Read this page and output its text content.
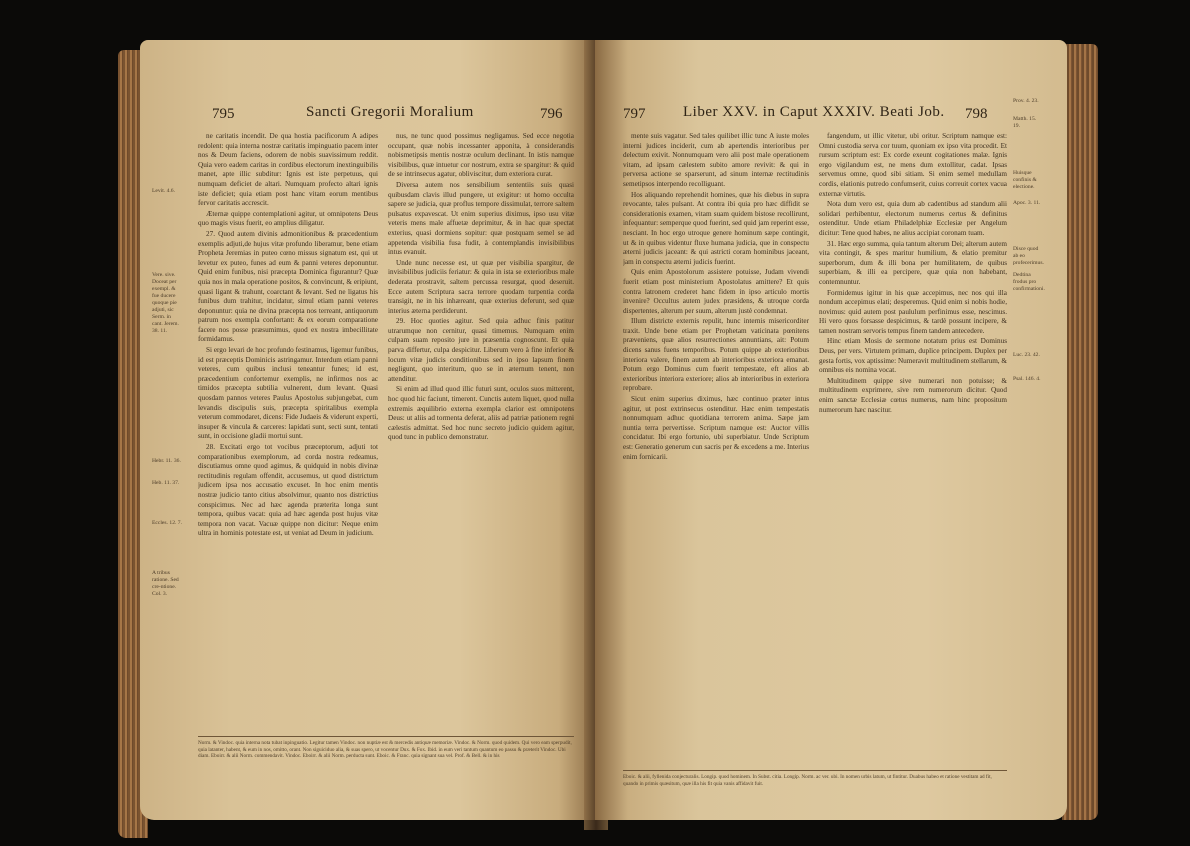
795	Sancti Gregorii Moralium	796
Levit. 4.6.
Vere. sive. Doceat per exempl. & fue ducere quoque pie adjuti, sic Serm. in cant. Jerem. 38. 11.
Hebr. 11. 36.
Heb. 11. 37.
Eccles. 12. 7.
A tribus ratione. Sed cre-ntione. Col. 3.

ne caritatis incendit. De qua hostia pacificorum A adipes redolent: quia interna nostræ caritatis impinguatio pacem inter nos & Deum faciens, odorem de nobis suavissimum reddit. Quia vero eadem caritas in cordibus electorum inextinguibilis manet, apte illic subditur: Ignis est iste perpetuus, qui numquam deficiet de altari. Numquam profecto altari ignis iste deficiet; quia etiam post hanc vitam eorum mentibus fervor caritatis accrescit.

Æternæ quippe contemplationi agitur, ut omnipotens Deus quo magis visus fuerit, eo amplius diligatur.

27. Quod autem divinis admonitionibus & præcedentium exemplis adjuti,de hujus vitæ profundo liberamur, bene etiam Propheta Jeremias in puteo cœno missus signatum est, qui ut levetur ex puteo, funes ad eum & panni veteres deponuntur. Quid enim funibus, nisi præcepta Dominica figurantur? Quæ quia nos in mala operatione positos, & convincunt, & eripiunt, quasi ligant & trahunt, coarctant & levant. Sed ne ligatus his funibus dum trahitur, incidatur, simul etiam panni veteres deponuntur: quia ne divina præcepta nos terreant, antiquorum patrum nos exempla confortant: & ex eorum comparatione facere nos posse præsumimus, quod ex nostra imbecillitate formidamus.

Si ergo levari de hoc profundo festinamus, ligemur funibus, id est præceptis Dominicis astringamur. Interdum etiam panni veteres, cum quibus inclusi teneantur funes; id est, præcedentium confortemur exemplis, ne infirmos nos ac timidos præcepta subtilia vulnerent, dum levant. Quasi quosdam pannos veteres Paulus Apostolus subjungebat, cum levandis discipulis suis, præcepta spiritalibus exempla veterum commodaret, dicens: Fide Judaeis & viderunt experti, insuper & vincula & carceres: lapidati sunt, secti sunt, tentati sunt, in occisione gladii mortui sunt.

28. Excitati ergo tot vocibus præceptorum, adjuti tot comparationibus exemplorum, ad corda nostra redeamus, discutiamus omne quod agimus, & quidquid in nobis divinæ rectitudinis regulam offendit, accusemus, ut quod districtum judicem ipsa nos accusatio excuset. In hoc enim mentis nostræ judicio tanto citius absolvimur, quanto nos districtius conspicimus. Nec ad hæc agenda præterita longa sunt tempora, quibus vacat: quia ad hæc agenda post hujus vitæ tempora non vacat. Vacuæ quippe non dicitur: Neque enim ultra in hominis potestate est, ut veniat ad Deum in judicium.

nus, ne tunc quod possimus negligamus. Sed ecce negotia occupant, quæ nobis incessanter apponita, à considerandis nobismetipsis mentis nostræ oculum declinant. In istis namque visibilibus, quæ intuetur cor nostrum, extra se spargitur: & quid de se intrinsecus agatur, obliviscitur, dum exteriora curat.

Diversa autem nos sensibilium sententiis suis quasi quibusdam clavis illud pungere, ut exigitur: ut homo occulta sapere se judicia, quæ proflus tempore dissimulat, terrore saltem pulsatus expavescat. Ut enim superius diximus, ipso usu vitæ veteris mens male affuetæ deprimitur, & in hac quæ spectat exterius, quasi dormiens sopitur: quæ postquam semel se ad appetenda visibilia fusa fudit, à contemplandis invisibilibus intus evanuit.

Unde nunc necesse est, ut quæ per visibilia spargitur, de invisibilibus judiciis feriatur: & quia in ista se exterioribus male dederata prostravit, saltem percussa resurgat, quod deseruit. Ecce autem Scriptura sacra terrore quodam turpentia corda transigit, ne in his inhæreant, quæ exterius deferunt, sed quæ interius æterna perdiderunt.

29. Hoc quoties agitur. Sed quia adhuc finis patitur utrarumque non cernitur, quasi timemus. Numquam enim culpam suam reposito jure in præsentia cognoscunt. Et quia parva differtur, culpa despicitur. Liberum vero à fine inferior & locum vitæ judicis conditionibus sed in ipso lapsum finem negligunt, quo interitum, quo se in æternum tenent, non attenditur.

Si enim ad illud quod illic futuri sunt, oculos suos mitterent, hoc quod hic faciunt, timerent. Cunctis autem liquet, quod nulla extremis æquilibrio externa exempla clarior est omnipotens Deus: ut aliis ad tormenta deferat, aliis ad patriæ pationem regni cælestis admittat. Sed hoc nunc secreto judicio quidem agitur, quod tunc in publico demonstratur.

Norm. & Vindoc. quia interna nota tubat inpinguatio. Legitur tamen Vindoc. non nuptiæ est & mercedis antiquæ memoriæ. Vindoc. & Norm. quod quidem. Qui vero eam sperpudit, quia latanter, habent, & eum in nos, omitto, orant. Non siguiciduo alia, & suas spero, ut vocentur Dux. & Fox. Ibid. in eum veri tantum quantum eo passu & præterit Vindoc. Ubi diam. Eboirr. & alii Norm. commendavit. Vindoc. Eboirr. & alii Norm. perducta sunt. Eboic. & Franc. quia signant sua vel. Prof. & Bell. & in his
797	Liber XXV. in Caput XXXIV. Beati Job. 798
Prov. 4. 23.
Matth. 15. 19.
Huisque confinis & electione.
Apoc. 3. 11.
Disce quod ab eo profecerimus.
Dedtina frodus pro confirmationi.
Luc. 23. 42.
Psal. 146. 4.

mente suis vagatur. Sed tales quilibet illic tunc A iuste moles interni judices inciderit, cum ab apertendis interioribus per delectum exivit. Nonnumquam vero alii post male operationem vitam, ad ipsam cælestem subito amore revivit: & qui in perversa actione se sparserunt, ad sinum internæ rectitudinis semetipsos interpendo recolliguant.

Hos aliquando reprehendit homines, quæ his diebus in supra revocante, tales pulsant. At contra ibi quia pro hæc diffidit se considerationis examen, vitam suam quidem bistose recollirunt, infequantur: semperque quod fuerint, sed quid jam reperint esse, nesciant. In hoc ergo utroque genere hominum sæpe contingit, ut & in quibus videntur fluxe humana judicia, que in conspectu æterni judicis jaceant: & qui astricti coram hominibus jaceant, jam in conspectu æterni judicis fuerint.

Quis enim Apostolorum assistere potuisse, Judam vivendi fuerit etiam post ministerium Apostolatus amittere? Et quis contra latronem crederet hanc fidem in ipso articulo mortis invenire? Occultus autem judex præsidens, & utroque corda dispertentes, alterum per suum, alterum justè condemnat.

Illum districte externis repulit, hunc internis misericorditer traxit. Unde bene etiam per Prophetam vaticinata pœnitens præveniens, quæ alios resurrectiones annuntians, ait: Potum dicens sanus fuens temporibus. Potum quippe ab exterioribus interiora valere, finem autem ab interioribus exteriora emanat. Potum ergo Dominus cum fuerit tempestate, eft alios ab exterioribus interiora exteriore; alios ab interioribus in exteriora reprobare.

Sicut enim superius diximus, hæc continuo præter intus agitur, ut post extrinsecus ostenditur. Hæc enim tempestatis nonnumquam adhuc quotidiana terrorem anima. Sæpe jam nuntia terra pervertisse. Scriptum namque est: Auctor villis concidatur. Ibi ergo fortunio, ubi superbiatur. Unde Scriptum est: Generatio generum cun sacris per & excedens a me. Interius enim fornicarii.

fangendum, ut illic vitetur, ubi oritur. Scriptum namque est: Omni custodia serva cor tuum, quoniam ex ipso vita procedit. Et rursum scriptum est: Ex corde exeunt cogitationes malæ. Ignis ergo vigilandum est, ne mens dum extollitur, cadat. Ipsas servemus omne, quod sibi sitiam. Si enim semel medullam cordis, elationis putredo confumserit, cuius correuit cortex vacua externæ virtutis.

Nota dum vero est, quia dum ab cadentibus ad standum alii solidari perhibentur, electorum numerus certus & definitus ostenditur. Unde etiam Philadelphiæ Ecclesiæ per Angelum dicitur: Tene quod habes, ne alius accipiat coronam tuam.

31. Hæc ergo summa, quia tantum alterum Dei; alterum autem vita contingit, & spes maritur humilium, & elatio premitur superborum, dum & illi bona per humilitatem, de quibus superbiam, & illi ea percipere, quæ quia non habebant, contemnuntur.

Formidemus igitur in his quæ accepimus, nec nos qui illa nondum accepimus elati; desperemus. Quid enim si nobis hodie, novimus: quid autem post paululum perfinimus esse, nescimus. Hi vero quos forsasse despicimus, & tardè possunt incipere, & tamen nostram servoris tempus finem tandem antecedere.

Hinc etiam Mosis de sermone notatum prius est Dominus Deus, per vers. Virtutem primam, duplice principem. Duplex per gesta fortis, vox aptissime: Numeravit multitudinem stellarum, & omnibus eis nomina vocat.

Multitudinem quippe sive numerari non potuisse; & multitudinem exprimere, sive rem numerorum dicitur. Quod enim sanctæ Ecclesiæ cœtus numerus, nam hinc propositum numerorum hæc nascitur.

Eboic. & alii, fyllenida conjecturalis. Longip. quod hominem. In Subst. citia. Longip. Norm. ac ver. ubi. In nomen urbis latum, ut fintitur. Duabus habeo et ratione vestitam ad fit, quando in primis quæsitum, quæ illa his fit quia vanis affidavit fuit.
